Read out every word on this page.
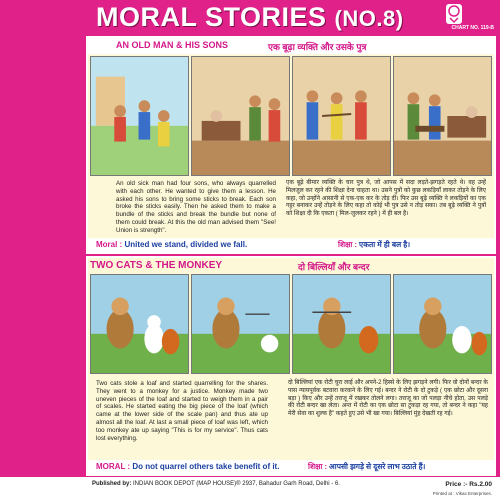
MORAL STORIES (NO.8)	CHART NO. 119-B
AN OLD MAN & HIS SONS	एक बूढ़ा व्यक्ति और उसके पुत्र
An old sick man had four sons, who always quarrelled with each other. He wanted to give them a lesson. He asked his sons to bring some sticks to break. Each son broke the sticks easily. Then he asked them to make a bundle of the sticks and break the bundle but none of them could break. At this the old man advised them "See! Union is strength".
एक बूढ़े बीमार व्यक्ति के चार पुत्र थे, जो आपस में सदा लड़ते-झगड़ते रहते थे। वह उन्हें मिलजुल कर रहने की शिक्षा देना चाहता था। उसने पुत्रों को कुछ लकड़ियाँ लाकर तोड़ने के लिए कहा, जो उन्होंने आसानी से एक-एक कर के तोड़ दीं। फिर उस बूढ़े व्यक्ति ने लकड़ियों का एक गट्ठर बनाकर उन्हें तोड़ने के लिए कहा तो कोई भी पुत्र उसे न तोड़ सका। तब बूढ़े व्यक्ति ने पुत्रों को शिक्षा दी कि एकता ( मिल-जुलकर रहने ) में ही बल है।
Moral : United we stand, divided we fall.	शिक्षा : एकता में ही बल है।
TWO CATS & THE MONKEY	दो बिल्लियाँ और बन्दर
Two cats stole a loaf and started quarrelling for the shares. They went to a monkey for a justice. Monkey made two uneven pieces of the loaf and started to weigh them in a pair of scales. He started eating the big piece of the loaf (which came at the lower side of the scale pan) and thus ate up almost all the loaf. At last a small piece of loaf was left, which too monkey ate up saying "This is for my service". Thus cats lost everything.
दो बिल्लियां एक रोटी चुरा लाई और अपने-2 हिस्से के लिए झगड़ने लगी। फिर वो दोनों बन्दर के पास न्यायपूर्वक बटवारा करवाने के लिए गई। बन्दर ने रोटी के दो टुकड़े ( एक छोटा और दूसरा बड़ा ) किए और उन्हें तराजू में रखकर तोलने लगा। तराजू का जो पलड़ा नीचे होता, उस पलड़े की रोटी बन्दर खा लेता। अन्त में रोटी का एक छोटा सा टुकड़ा रह गया, तो बन्दर ने कहा "यह मेरी सेवा का शुल्क है" कहते हुए उसे भी खा गया। बिल्लियां मुंह देखती रह गई।
MORAL : Do not quarrel others take benefit of it.	शिक्षा : आपसी झगड़े से दूसरे लाभ उठाते हैं।
Published by: INDIAN BOOK DEPOT (MAP HOUSE)® 2937, Bahadur Garh Road, Delhi - 6.	Price :- Rs.2.00
Printed at : Vikas Enterprises.
